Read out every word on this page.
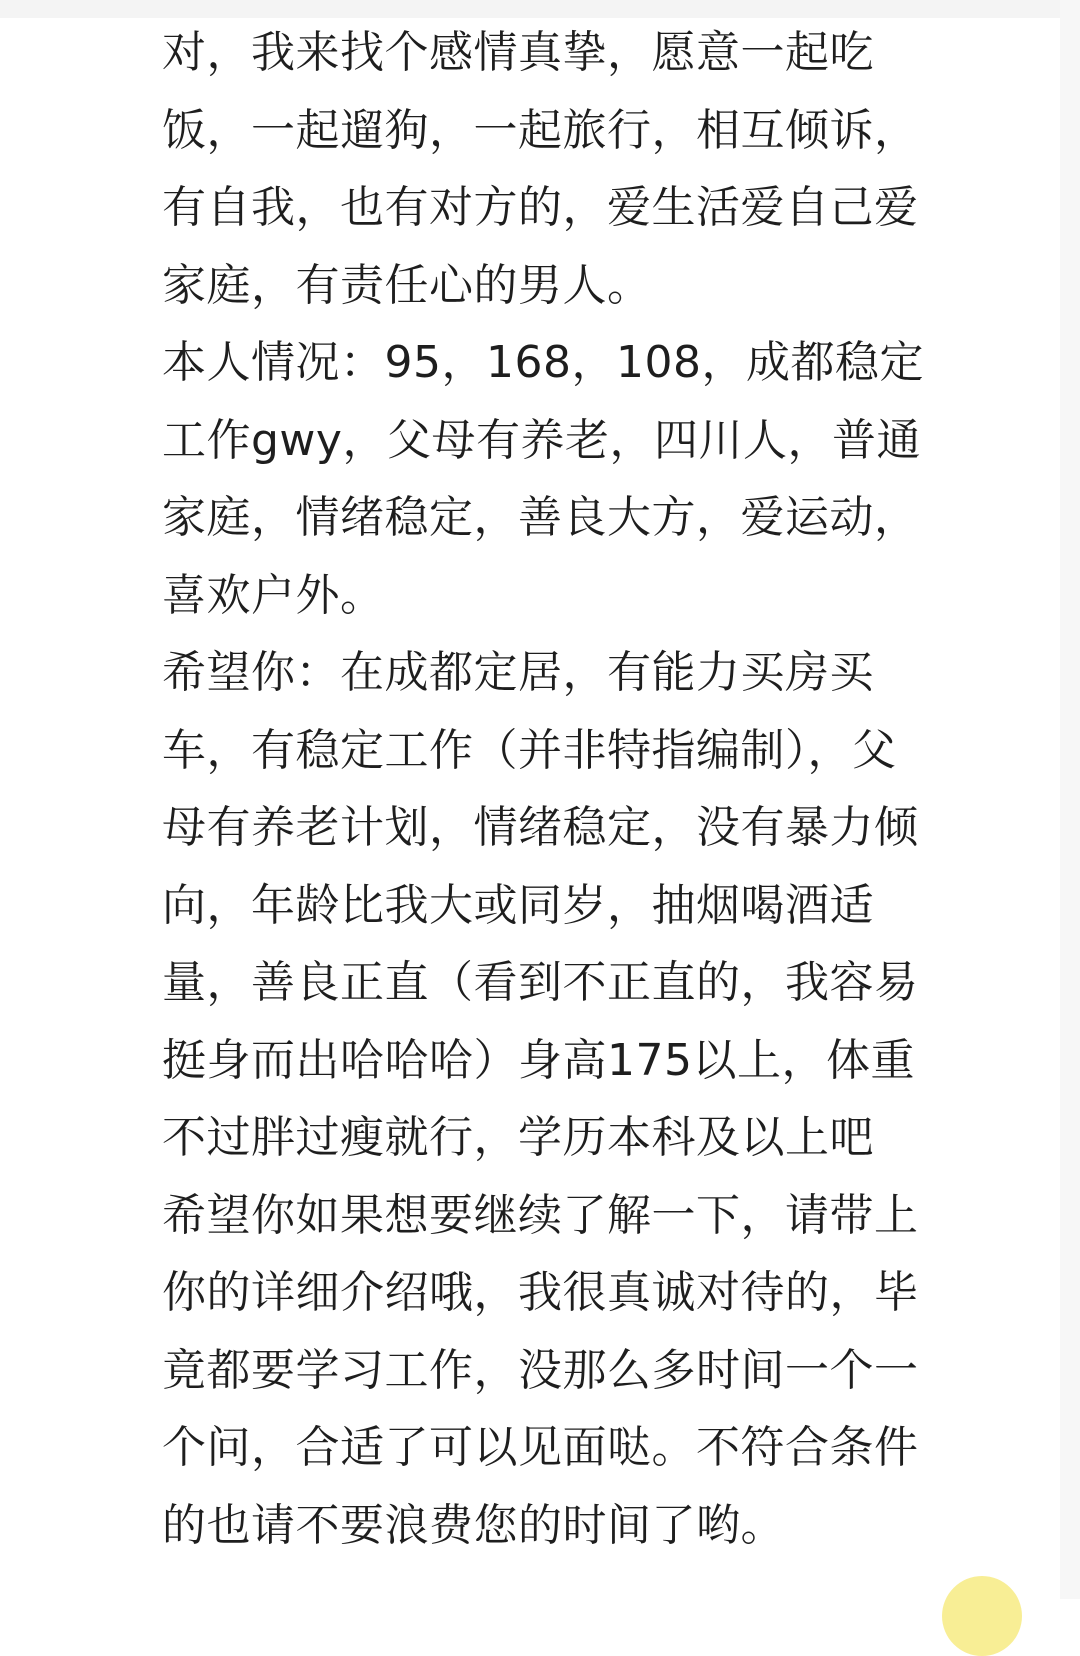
对，我来找个感情真挚，愿意一起吃
饭，一起遛狗，一起旅行，相互倾诉，
有自我，也有对方的，爱生活爱自己爱
家庭，有责任心的男人。
本人情况：95，168，108，成都稳定
工作gwy，父母有养老，四川人，普通
家庭，情绪稳定，善良大方，爱运动，
喜欢户外。
希望你：在成都定居，有能力买房买
车，有稳定工作（并非特指编制），父
母有养老计划，情绪稳定，没有暴力倾
向，年龄比我大或同岁，抽烟喝酒适
量，善良正直（看到不正直的，我容易
挺身而出哈哈哈）身高175以上，体重
不过胖过瘦就行，学历本科及以上吧
希望你如果想要继续了解一下，请带上
你的详细介绍哦，我很真诚对待的，毕
竟都要学习工作，没那么多时间一个一
个问，合适了可以见面哒。不符合条件
的也请不要浪费您的时间了哟。
